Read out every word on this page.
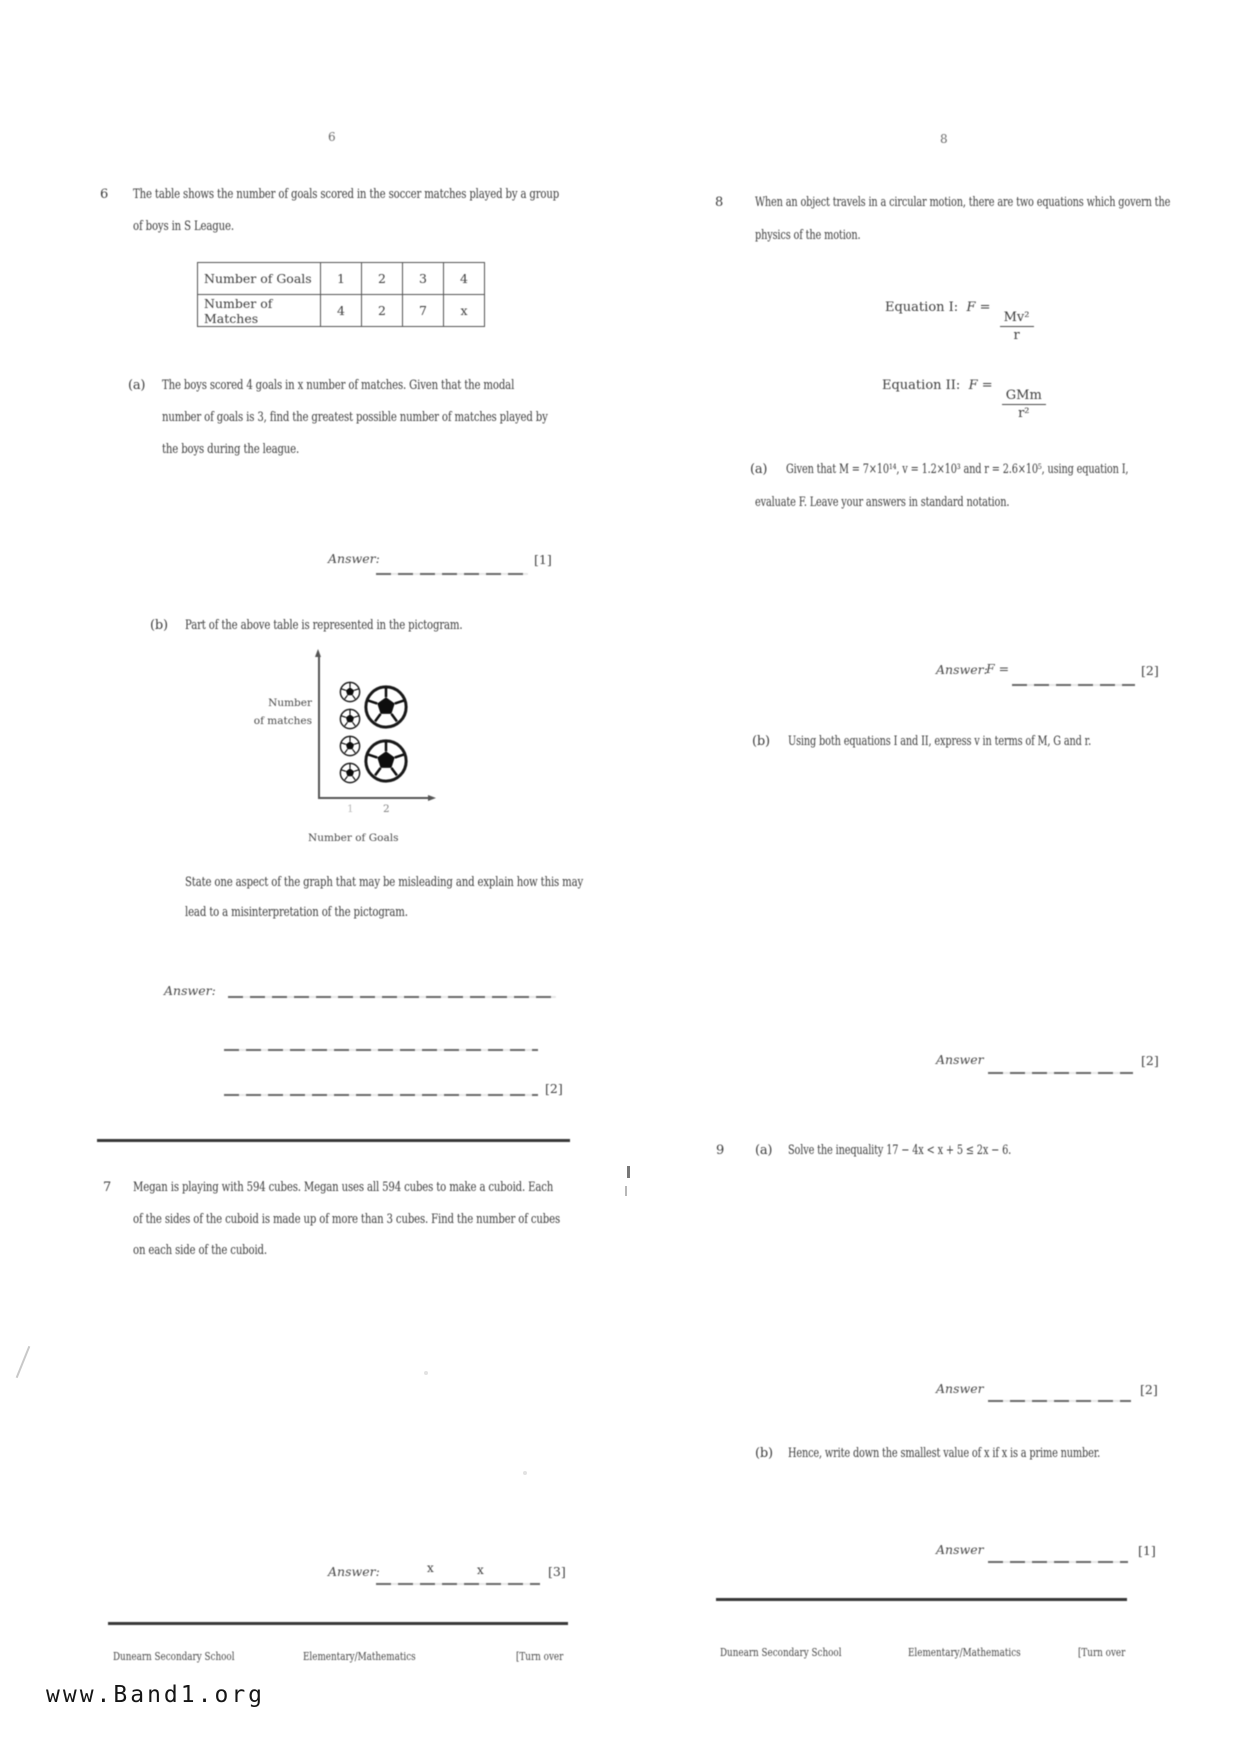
6
6 The table shows the number of goals scored in the soccer matches played by a group
of boys in S League.
Number of Goals	1	2	3	4
Number of Matches	4	2	7	x
(a) The boys scored 4 goals in x number of matches. Given that the modal
number of goals is 3, find the greatest possible number of matches played by
the boys during the league.
Answer:	[1]
(b) Part of the above table is represented in the pictogram.
Number
of matches
1	2
Number of Goals
State one aspect of the graph that may be misleading and explain how this may
lead to a misinterpretation of the pictogram.
Answer:
[2]
7 Megan is playing with 594 cubes. Megan uses all 594 cubes to make a cuboid. Each
of the sides of the cuboid is made up of more than 3 cubes. Find the number of cubes
on each side of the cuboid.
Answer:	x	x	[3]
Dunearn Secondary School	Elementary/Mathematics	[Turn over
8
8 When an object travels in a circular motion, there are two equations which govern the
physics of the motion.
Equation I: F =
$\frac{\text{Mv²}}{r}$
Equation II: F =
$\frac{\text{GMm}}{\text{r²}}$
(a) Given that M = 7×10¹⁴, v = 1.2×10³ and r = 2.6×10⁵, using equation I,
evaluate F. Leave your answers in standard notation.
Answer:
F =	[2]
(b) Using both equations I and II, express v in terms of M, G and r.
Answer	[2]
9 (a) Solve the inequality 17 − 4x < x + 5 ≤ 2x − 6.
Answer	[2]
(b) Hence, write down the smallest value of x if x is a prime number.
Answer	[1]
Dunearn Secondary School	Elementary/Mathematics	[Turn over
www.Band1.org
